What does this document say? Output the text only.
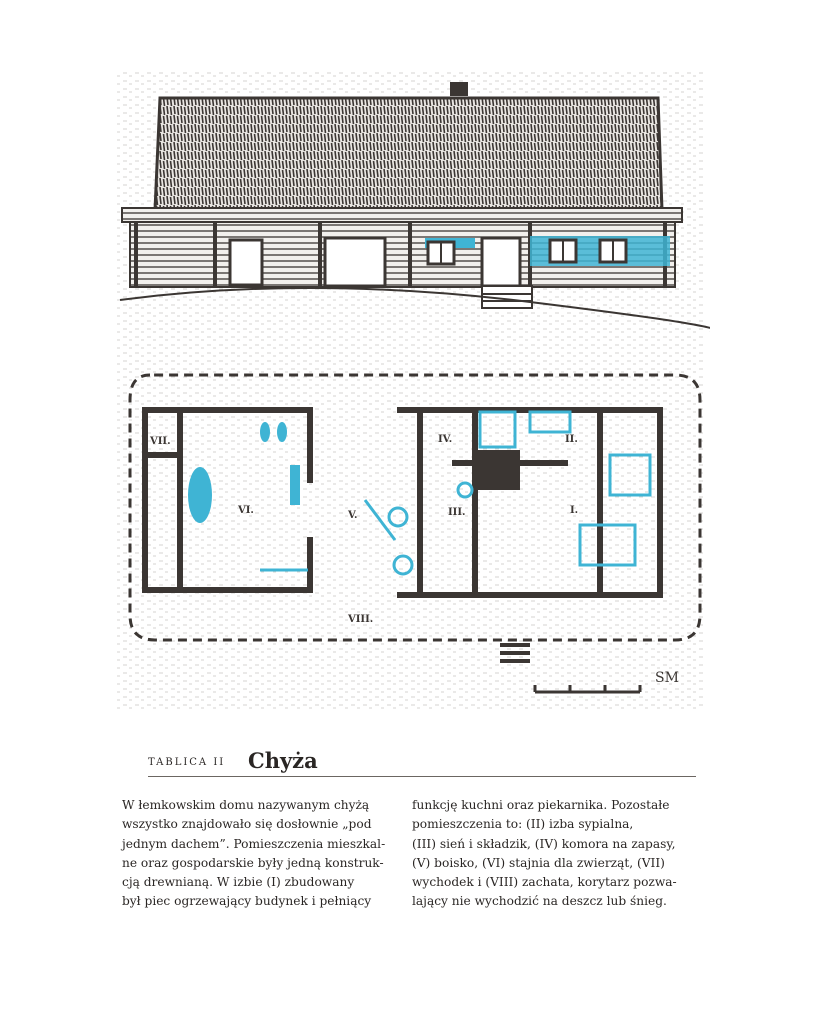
I.
II.
III.
IV.
V.
VI.
VII.
VIII.
SM
TABLICA II Chyża
W łemkowskim domu nazywanym chyżą
wszystko znajdowało się dosłownie „pod
jednym dachem”. Pomieszczenia mieszkal-
ne oraz gospodarskie były jedną konstruk-
cją drewnianą. W izbie (I) zbudowany
był piec ogrzewający budynek i pełniący
funkcję kuchni oraz piekarnika. Pozostałe
pomieszczenia to: (II) izba sypialna,
(III) sień i składzik, (IV) komora na zapasy,
(V) boisko, (VI) stajnia dla zwierząt, (VII)
wychodek i (VIII) zachata, korytarz pozwa-
lający nie wychodzić na deszcz lub śnieg.
